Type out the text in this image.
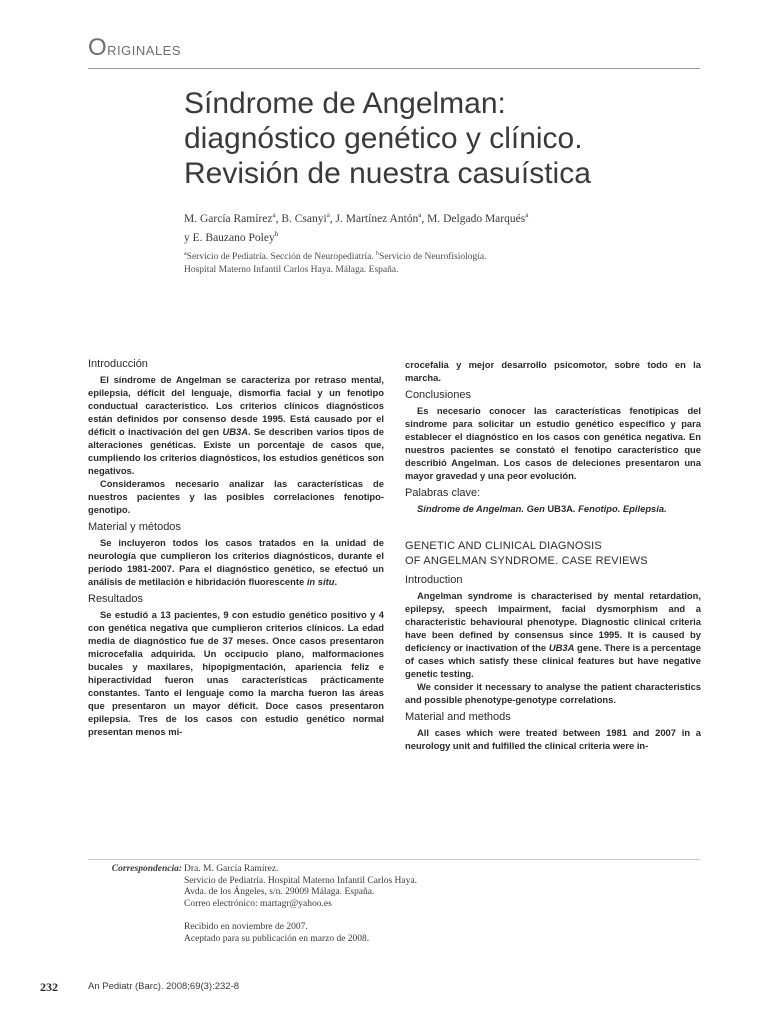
Originales
Síndrome de Angelman:
diagnóstico genético y clínico.
Revisión de nuestra casuística
M. García Ramírez$^a$, B. Csanyi$^a$, J. Martínez Antón$^a$, M. Delgado Marqués$^a$
y E. Bauzano Poley$^b$
$^a$Servicio de Pediatría. Sección de Neuropediatría. $^b$Servicio de Neurofisiología.
Hospital Materno Infantil Carlos Haya. Málaga. España.
Introducción

El síndrome de Angelman se caracteriza por retraso mental, epilepsia, déficit del lenguaje, dismorfia facial y un fenotipo conductual característico. Los criterios clínicos diagnósticos están definidos por consenso desde 1995. Está causado por el déficit o inactivación del gen UB3A. Se describen varios tipos de alteraciones genéticas. Existe un porcentaje de casos que, cumpliendo los criterios diagnósticos, los estudios genéticos son negativos.

Consideramos necesario analizar las características de nuestros pacientes y las posibles correlaciones fenotipo-genotipo.

Material y métodos

Se incluyeron todos los casos tratados en la unidad de neurología que cumplieron los criterios diagnósticos, durante el período 1981-2007. Para el diagnóstico genético, se efectuó un análisis de metilación e hibridación fluorescente in situ.

Resultados

Se estudió a 13 pacientes, 9 con estudio genético positivo y 4 con genética negativa que cumplieron criterios clínicos. La edad media de diagnóstico fue de 37 meses. Once casos presentaron microcefalia adquirida. Un occipucio plano, malformaciones bucales y maxilares, hipopigmentación, apariencia feliz e hiperactividad fueron unas características prácticamente constantes. Tanto el lenguaje como la marcha fueron las áreas que presentaron un mayor déficit. Doce casos presentaron epilepsia. Tres de los casos con estudio genético normal presentan menos mi-

crocefalia y mejor desarrollo psicomotor, sobre todo en la marcha.

Conclusiones

Es necesario conocer las características fenotípicas del síndrome para solicitar un estudio genético específico y para establecer el diagnóstico en los casos con genética negativa. En nuestros pacientes se constató el fenotipo característico que describió Angelman. Los casos de deleciones presentaron una mayor gravedad y una peor evolución.

Palabras clave:

Síndrome de Angelman. Gen UB3A. Fenotipo. Epilepsia.

GENETIC AND CLINICAL DIAGNOSIS
OF ANGELMAN SYNDROME. CASE REVIEWS
Introduction

Angelman syndrome is characterised by mental retardation, epilepsy, speech impairment, facial dysmorphism and a characteristic behavioural phenotype. Diagnostic clinical criteria have been defined by consensus since 1995. It is caused by deficiency or inactivation of the UB3A gene. There is a percentage of cases which satisfy these clinical features but have negative genetic testing.

We consider it necessary to analyse the patient characteristics and possible phenotype-genotype correlations.

Material and methods

All cases which were treated between 1981 and 2007 in a neurology unit and fulfilled the clinical criteria were in-

Correspondencia: Dra. M. García Ramírez.
Servicio de Pediatría. Hospital Materno Infantil Carlos Haya.
Avda. de los Ángeles, s/n. 29009 Málaga. España.
Correo electrónico: martagr@yahoo.es
Recibido en noviembre de 2007.
Aceptado para su publicación en marzo de 2008.
232	An Pediatr (Barc). 2008;69(3):232-8
